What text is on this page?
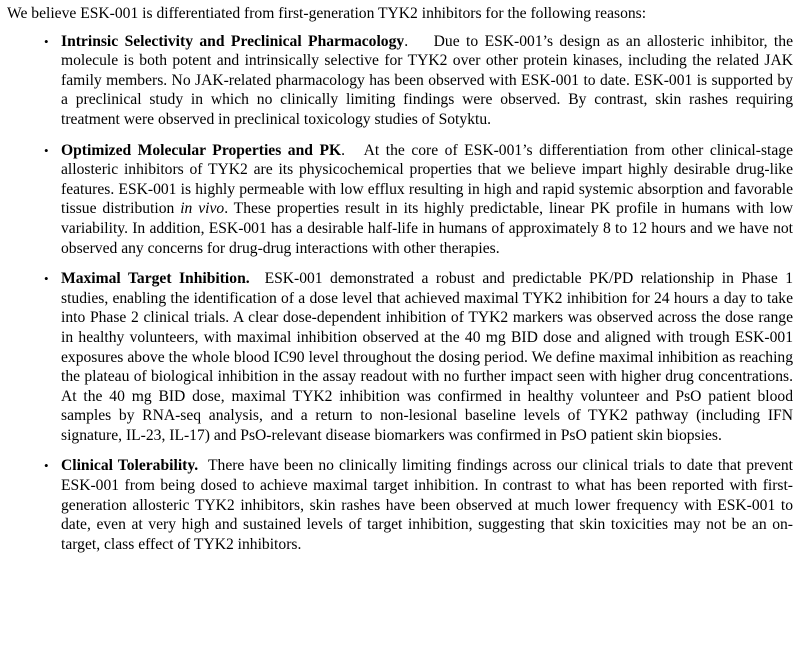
We believe ESK-001 is differentiated from first-generation TYK2 inhibitors for the following reasons:

• Intrinsic Selectivity and Preclinical Pharmacology. Due to ESK-001’s design as an allosteric inhibitor, the molecule is both potent and intrinsically selective for TYK2 over other protein kinases, including the related JAK family members. No JAK-related pharmacology has been observed with ESK-001 to date. ESK-001 is supported by a preclinical study in which no clinically limiting findings were observed. By contrast, skin rashes requiring treatment were observed in preclinical toxicology studies of Sotyktu.
• Optimized Molecular Properties and PK. At the core of ESK-001’s differentiation from other clinical-stage allosteric inhibitors of TYK2 are its physicochemical properties that we believe impart highly desirable drug-like features. ESK-001 is highly permeable with low efflux resulting in high and rapid systemic absorption and favorable tissue distribution in vivo. These properties result in its highly predictable, linear PK profile in humans with low variability. In addition, ESK-001 has a desirable half-life in humans of approximately 8 to 12 hours and we have not observed any concerns for drug-drug interactions with other therapies.
• Maximal Target Inhibition. ESK-001 demonstrated a robust and predictable PK/PD relationship in Phase 1 studies, enabling the identification of a dose level that achieved maximal TYK2 inhibition for 24 hours a day to take into Phase 2 clinical trials. A clear dose-dependent inhibition of TYK2 markers was observed across the dose range in healthy volunteers, with maximal inhibition observed at the 40 mg BID dose and aligned with trough ESK-001 exposures above the whole blood IC90 level throughout the dosing period. We define maximal inhibition as reaching the plateau of biological inhibition in the assay readout with no further impact seen with higher drug concentrations. At the 40 mg BID dose, maximal TYK2 inhibition was confirmed in healthy volunteer and PsO patient blood samples by RNA-seq analysis, and a return to non-lesional baseline levels of TYK2 pathway (including IFN signature, IL-23, IL-17) and PsO-relevant disease biomarkers was confirmed in PsO patient skin biopsies.
• Clinical Tolerability. There have been no clinically limiting findings across our clinical trials to date that prevent ESK-001 from being dosed to achieve maximal target inhibition. In contrast to what has been reported with first-generation allosteric TYK2 inhibitors, skin rashes have been observed at much lower frequency with ESK-001 to date, even at very high and sustained levels of target inhibition, suggesting that skin toxicities may not be an on-target, class effect of TYK2 inhibitors.
